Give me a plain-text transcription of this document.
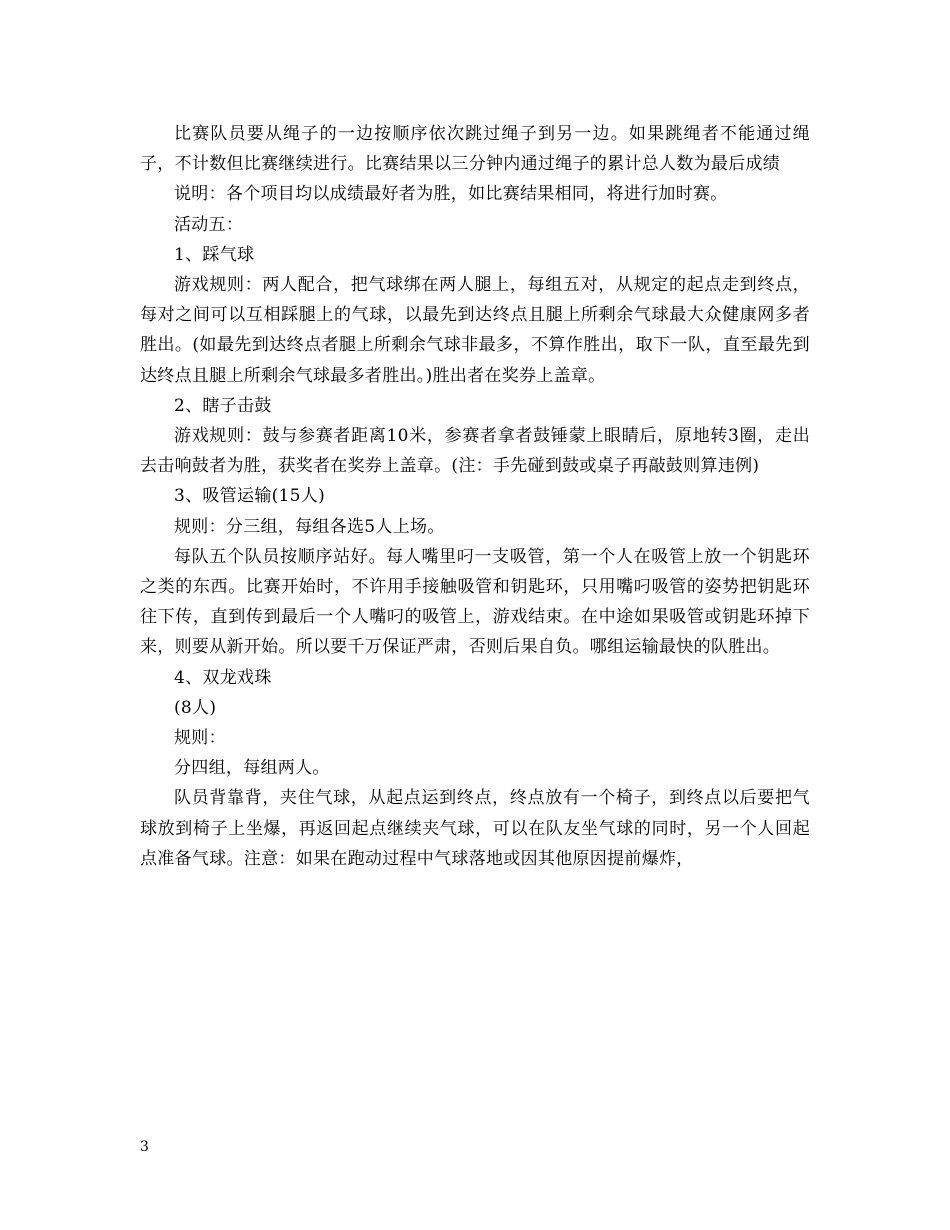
比赛队员要从绳子的一边按顺序依次跳过绳子到另一边。如果跳绳者不能通过绳子，不计数但比赛继续进行。比赛结果以三分钟内通过绳子的累计总人数为最后成绩

说明：各个项目均以成绩最好者为胜，如比赛结果相同，将进行加时赛。

活动五：

1、踩气球

游戏规则：两人配合，把气球绑在两人腿上，每组五对，从规定的起点走到终点，每对之间可以互相踩腿上的气球，以最先到达终点且腿上所剩余气球最大众健康网多者胜出。(如最先到达终点者腿上所剩余气球非最多，不算作胜出，取下一队，直至最先到达终点且腿上所剩余气球最多者胜出。)胜出者在奖券上盖章。

2、瞎子击鼓

游戏规则：鼓与参赛者距离10米，参赛者拿者鼓锤蒙上眼睛后，原地转3圈，走出去击响鼓者为胜，获奖者在奖券上盖章。(注：手先碰到鼓或桌子再敲鼓则算违例)

3、吸管运输(15人)

规则：分三组，每组各选5人上场。

每队五个队员按顺序站好。每人嘴里叼一支吸管，第一个人在吸管上放一个钥匙环之类的东西。比赛开始时，不许用手接触吸管和钥匙环，只用嘴叼吸管的姿势把钥匙环往下传，直到传到最后一个人嘴叼的吸管上，游戏结束。在中途如果吸管或钥匙环掉下来，则要从新开始。所以要千万保证严肃，否则后果自负。哪组运输最快的队胜出。

4、双龙戏珠

(8人)

规则：

分四组，每组两人。

队员背靠背，夹住气球，从起点运到终点，终点放有一个椅子，到终点以后要把气球放到椅子上坐爆，再返回起点继续夹气球，可以在队友坐气球的同时，另一个人回起点准备气球。注意：如果在跑动过程中气球落地或因其他原因提前爆炸，

3
